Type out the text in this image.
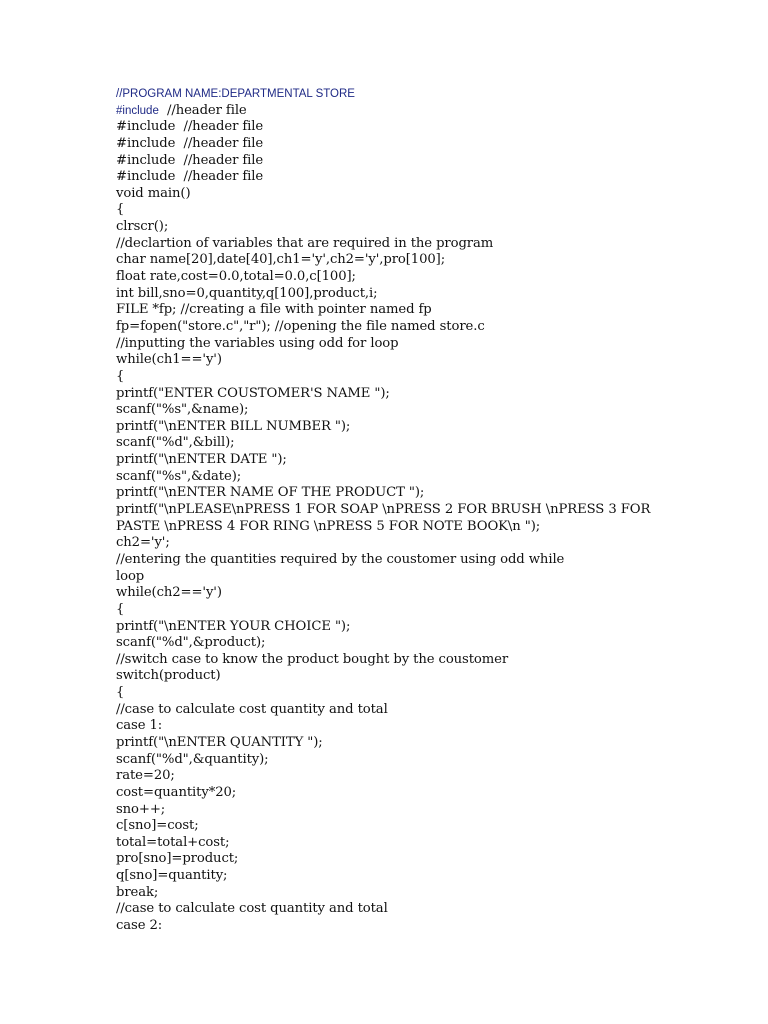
//PROGRAM NAME:DEPARTMENTAL STORE
#include  //header file
#include  //header file
#include  //header file
#include  //header file
#include  //header file
void main()
{
clrscr();
//declartion of variables that are required in the program
char name[20],date[40],ch1='y',ch2='y',pro[100];
float rate,cost=0.0,total=0.0,c[100];
int bill,sno=0,quantity,q[100],product,i;
FILE *fp; //creating a file with pointer named fp
fp=fopen("store.c","r"); //opening the file named store.c
//inputting the variables using odd for loop
while(ch1=='y')
{
printf("ENTER COUSTOMER'S NAME ");
scanf("%s",&name);
printf("\nENTER BILL NUMBER ");
scanf("%d",&bill);
printf("\nENTER DATE ");
scanf("%s",&date);
printf("\nENTER NAME OF THE PRODUCT ");
printf("\nPLEASE\nPRESS 1 FOR SOAP \nPRESS 2 FOR BRUSH \nPRESS 3 FOR
PASTE \nPRESS 4 FOR RING \nPRESS 5 FOR NOTE BOOK\n ");
ch2='y';
//entering the quantities required by the coustomer using odd while
loop
while(ch2=='y')
{
printf("\nENTER YOUR CHOICE ");
scanf("%d",&product);
//switch case to know the product bought by the coustomer
switch(product)
{
//case to calculate cost quantity and total
case 1:
printf("\nENTER QUANTITY ");
scanf("%d",&quantity);
rate=20;
cost=quantity*20;
sno++;
c[sno]=cost;
total=total+cost;
pro[sno]=product;
q[sno]=quantity;
break;
//case to calculate cost quantity and total
case 2:
